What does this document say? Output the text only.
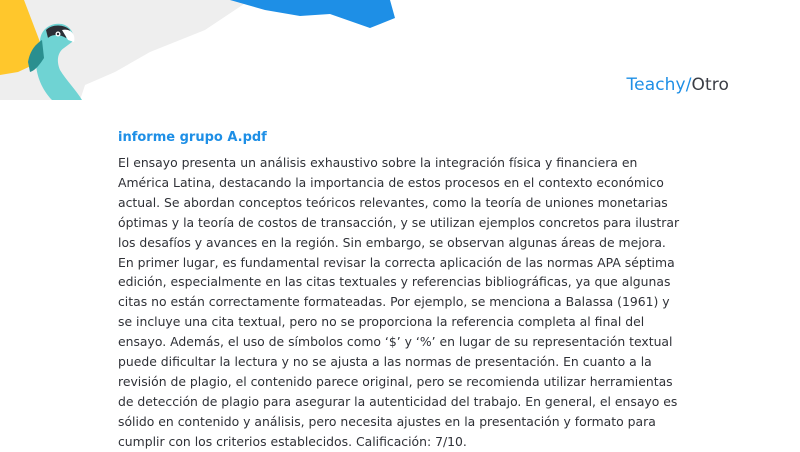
Teachy/Otro
informe grupo A.pdf

El ensayo presenta un análisis exhaustivo sobre la integración física y financiera en América Latina, destacando la importancia de estos procesos en el contexto económico actual. Se abordan conceptos teóricos relevantes, como la teoría de uniones monetarias óptimas y la teoría de costos de transacción, y se utilizan ejemplos concretos para ilustrar los desafíos y avances en la región. Sin embargo, se observan algunas áreas de mejora. En primer lugar, es fundamental revisar la correcta aplicación de las normas APA séptima edición, especialmente en las citas textuales y referencias bibliográficas, ya que algunas citas no están correctamente formateadas. Por ejemplo, se menciona a Balassa (1961) y se incluye una cita textual, pero no se proporciona la referencia completa al final del ensayo. Además, el uso de símbolos como ‘$’ y ‘%’ en lugar de su representación textual puede dificultar la lectura y no se ajusta a las normas de presentación. En cuanto a la revisión de plagio, el contenido parece original, pero se recomienda utilizar herramientas de detección de plagio para asegurar la autenticidad del trabajo. En general, el ensayo es sólido en contenido y análisis, pero necesita ajustes en la presentación y formato para cumplir con los criterios establecidos. Calificación: 7/10.
